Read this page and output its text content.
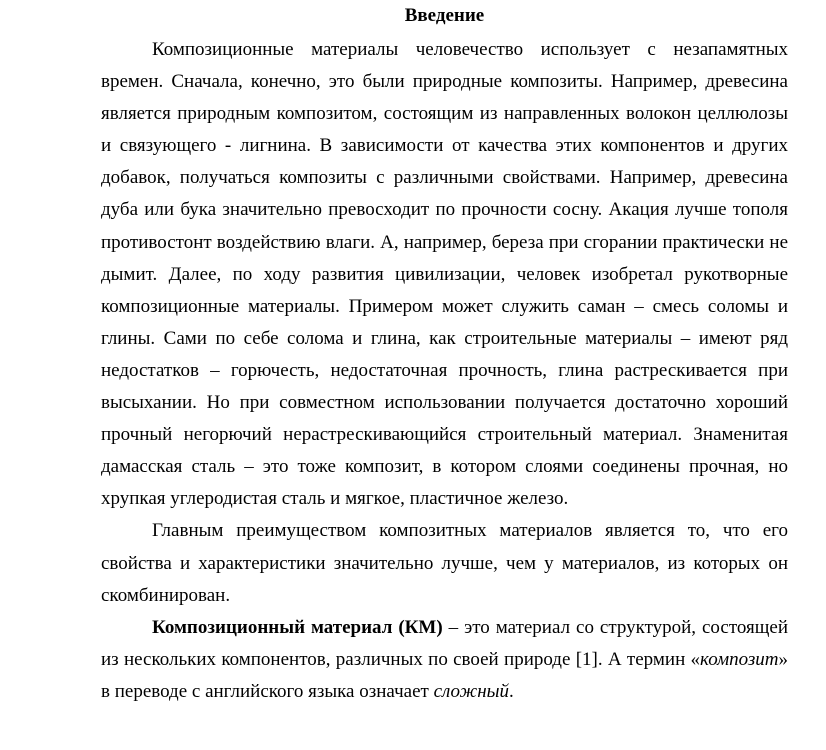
Введение

Композиционные материалы человечество использует с незапамятных времен. Сначала, конечно, это были природные композиты. Например, древесина является природным композитом, состоящим из направленных волокон целлюлозы и связующего - лигнина. В зависимости от качества этих компонентов и других добавок, получаться композиты с различными свойствами. Например, древесина дуба или бука значительно превосходит по прочности сосну. Акация лучше тополя противостонт воздействию влаги. А, например, береза при сгорании практически не дымит. Далее, по ходу развития цивилизации, человек изобретал рукотворные композиционные материалы. Примером может служить саман – смесь соломы и глины. Сами по себе солома и глина, как строительные материалы – имеют ряд недостатков – горючесть, недостаточная прочность, глина растрескивается при высыхании. Но при совместном использовании получается достаточно хороший прочный негорючий нерастрескивающийся строительный материал. Знаменитая дамасская сталь – это тоже композит, в котором слоями соединены прочная, но хрупкая углеродистая сталь и мягкое, пластичное железо.

Главным преимуществом композитных материалов является то, что его свойства и характеристики значительно лучше, чем у материалов, из которых он скомбинирован.

Композиционный материал (КМ) – это материал со структурой, состоящей из нескольких компонентов, различных по своей природе [1]. А термин «композит» в переводе с английского языка означает сложный.
